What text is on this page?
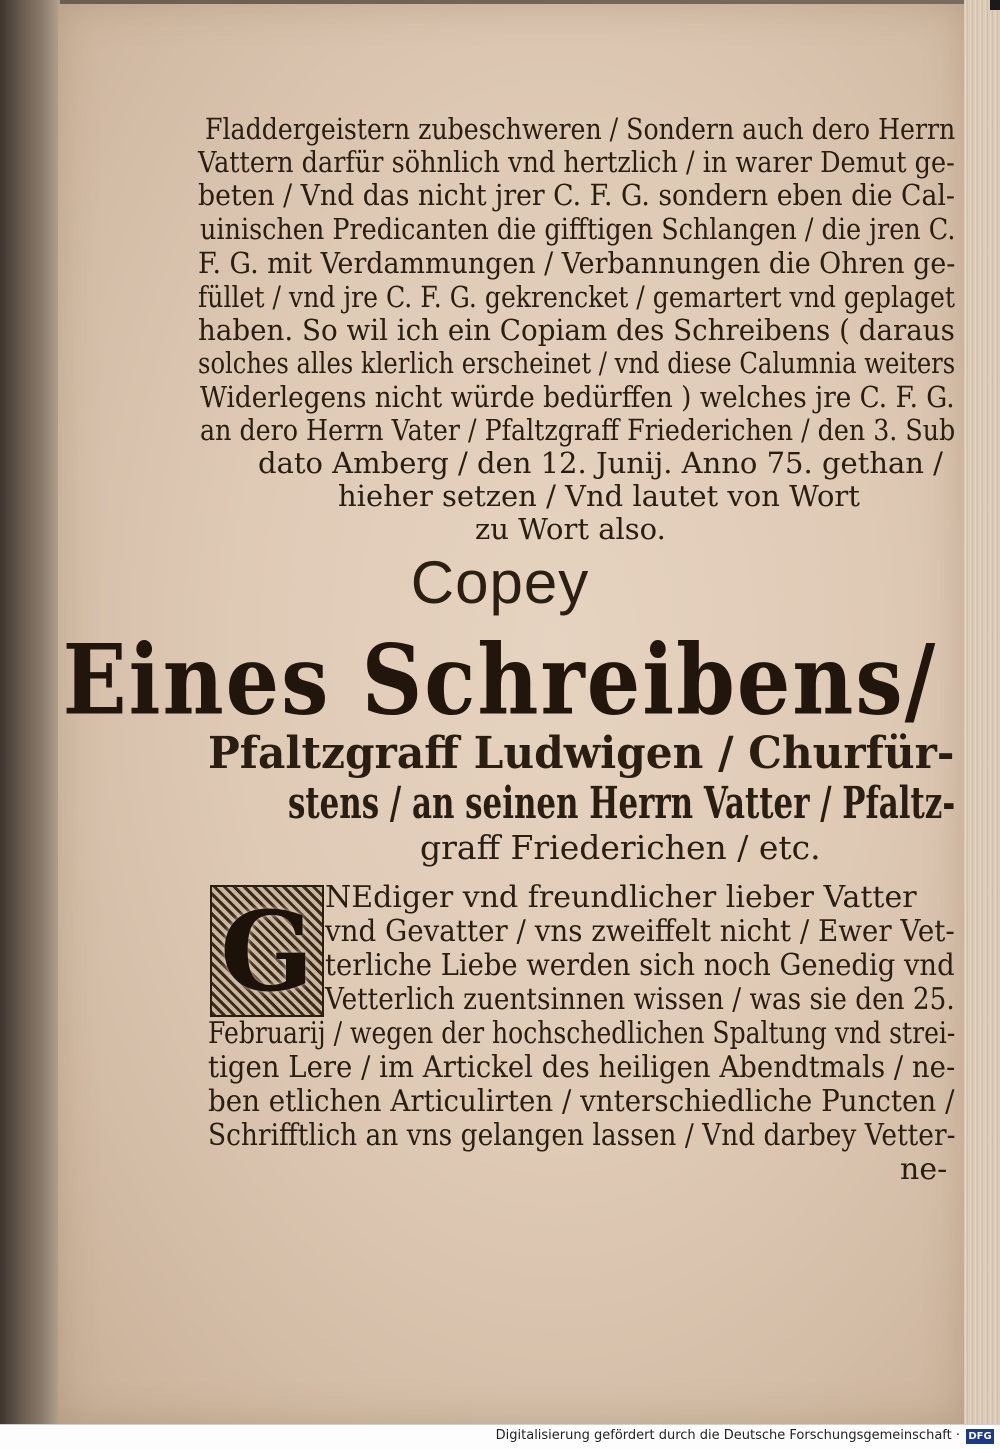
Fladdergeistern zubeschweren / Sondern auch dero Herrn
Vattern darfür söhnlich vnd hertzlich / in warer Demut ge-
beten / Vnd das nicht jrer C. F. G. sondern eben die Cal-
uinischen Predicanten die gifftigen Schlangen / die jren C.
F. G. mit Verdammungen / Verbannungen die Ohren ge-
füllet / vnd jre C. F. G. gekrencket / gemartert vnd geplaget
haben. So wil ich ein Copiam des Schreibens ( daraus
solches alles klerlich erscheinet / vnd diese Calumnia weiters
Widerlegens nicht würde bedürffen ) welches jre C. F. G.
an dero Herrn Vater / Pfaltzgraff Friederichen / den 3. Sub
dato Amberg / den 12. Junij. Anno 75. gethan /
hieher setzen / Vnd lautet von Wort
zu Wort also.
Copey
Eines Schreibens/
Pfaltzgraff Ludwigen / Churfür-
stens / an seinen Herrn Vatter / Pfaltz-
graff Friederichen / etc.
G NEdiger vnd freundlicher lieber Vatter
vnd Gevatter / vns zweiffelt nicht / Ewer Vet-
terliche Liebe werden sich noch Genedig vnd
Vetterlich zuentsinnen wissen / was sie den 25.
Februarij / wegen der hochschedlichen Spaltung vnd strei-
tigen Lere / im Artickel des heiligen Abendtmals / ne-
ben etlichen Articulirten / vnterschiedliche Puncten /
Schrifftlich an vns gelangen lassen / Vnd darbey Vetter-
ne-
Digitalisierung gefördert durch die Deutsche Forschungsgemeinschaft · DFG
